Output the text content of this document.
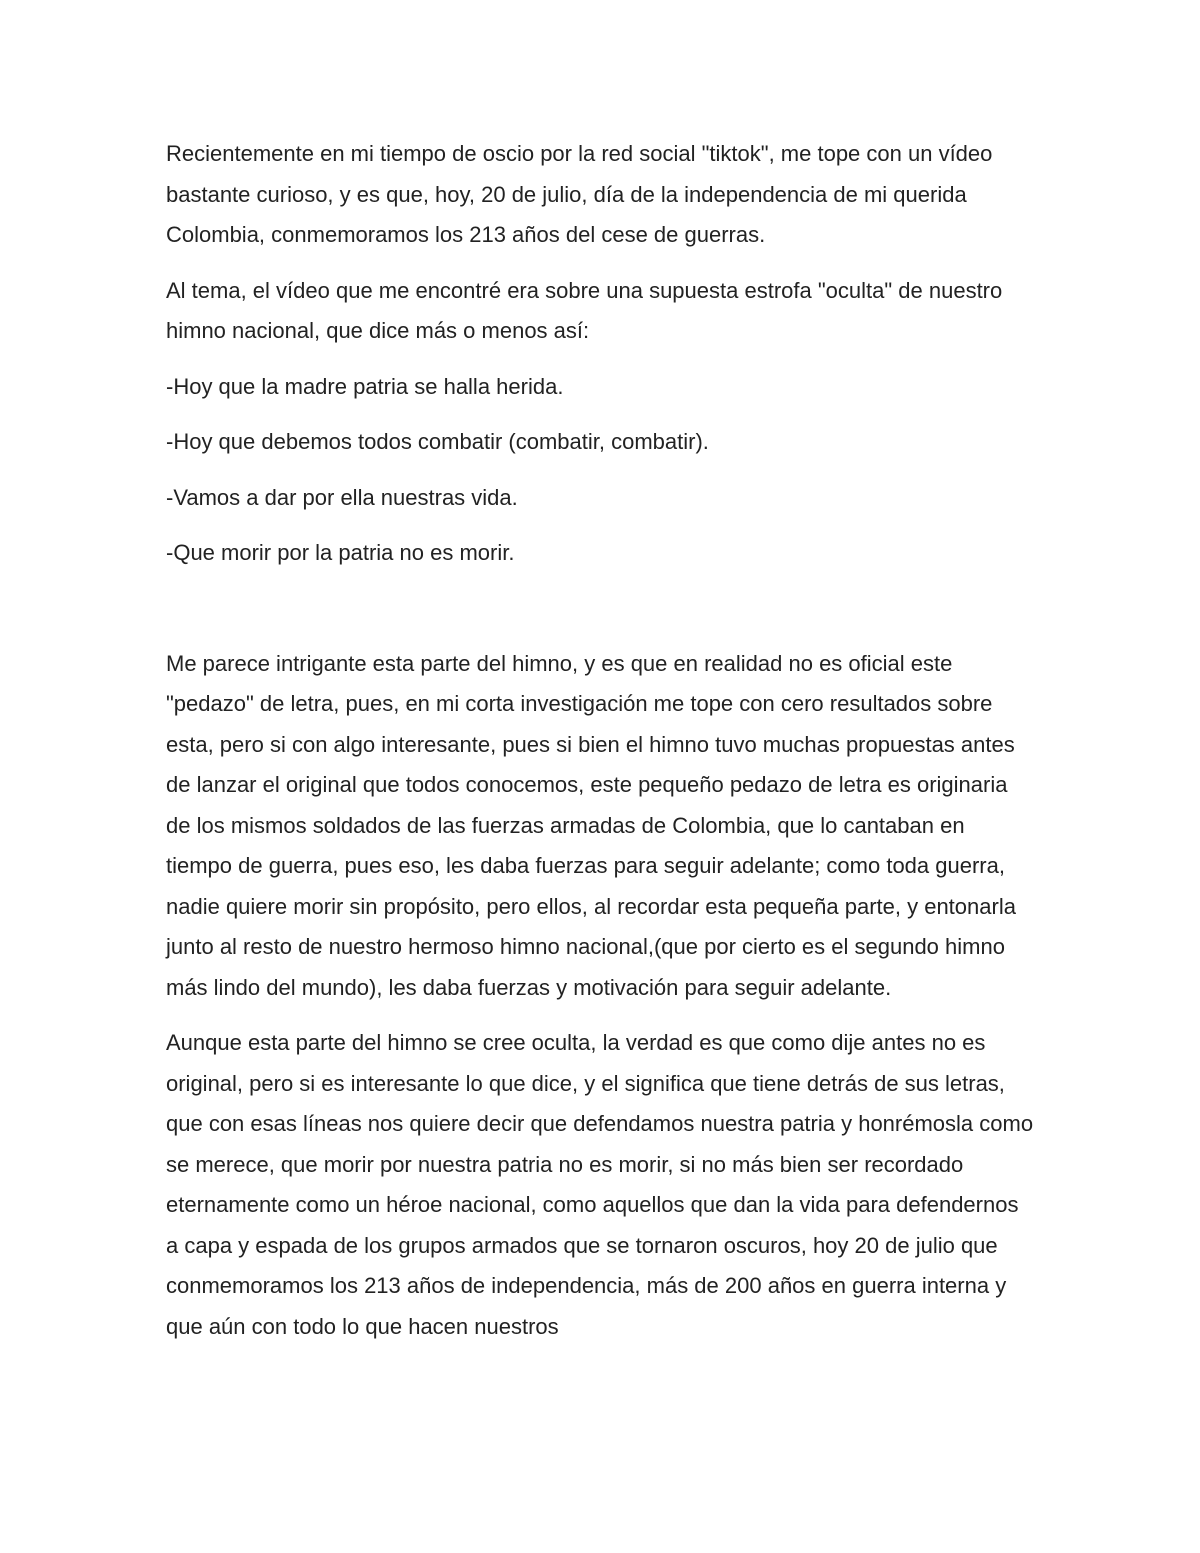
Recientemente en mi tiempo de oscio por la red social "tiktok", me tope con un vídeo bastante curioso, y es que, hoy, 20 de julio, día de la independencia de mi querida Colombia, conmemoramos los 213 años del cese de guerras.

Al tema, el vídeo que me encontré era sobre una supuesta estrofa "oculta" de nuestro himno nacional, que dice más o menos así:

-Hoy que la madre patria se halla herida.

-Hoy que debemos todos combatir (combatir, combatir).

-Vamos a dar por ella nuestras vida.

-Que morir por la patria no es morir.

Me parece intrigante esta parte del himno, y es que en realidad no es oficial este "pedazo" de letra, pues, en mi corta investigación me tope con cero resultados sobre esta, pero si con algo interesante, pues si bien el himno tuvo muchas propuestas antes de lanzar el original que todos conocemos, este pequeño pedazo de letra es originaria de los mismos soldados de las fuerzas armadas de Colombia, que lo cantaban en tiempo de guerra, pues eso, les daba fuerzas para seguir adelante; como toda guerra, nadie quiere morir sin propósito, pero ellos, al recordar esta pequeña parte, y entonarla junto al resto de nuestro hermoso himno nacional,(que por cierto es el segundo himno más lindo del mundo), les daba fuerzas y motivación para seguir adelante.

Aunque esta parte del himno se cree oculta, la verdad es que como dije antes no es original, pero si es interesante lo que dice, y el significa que tiene detrás de sus letras, que con esas líneas nos quiere decir que defendamos nuestra patria y honrémosla como se merece, que morir por nuestra patria no es morir, si no más bien ser recordado eternamente como un héroe nacional, como aquellos que dan la vida para defendernos a capa y espada de los grupos armados que se tornaron oscuros, hoy 20 de julio que conmemoramos los 213 años de independencia, más de 200 años en guerra interna y que aún con todo lo que hacen nuestros
